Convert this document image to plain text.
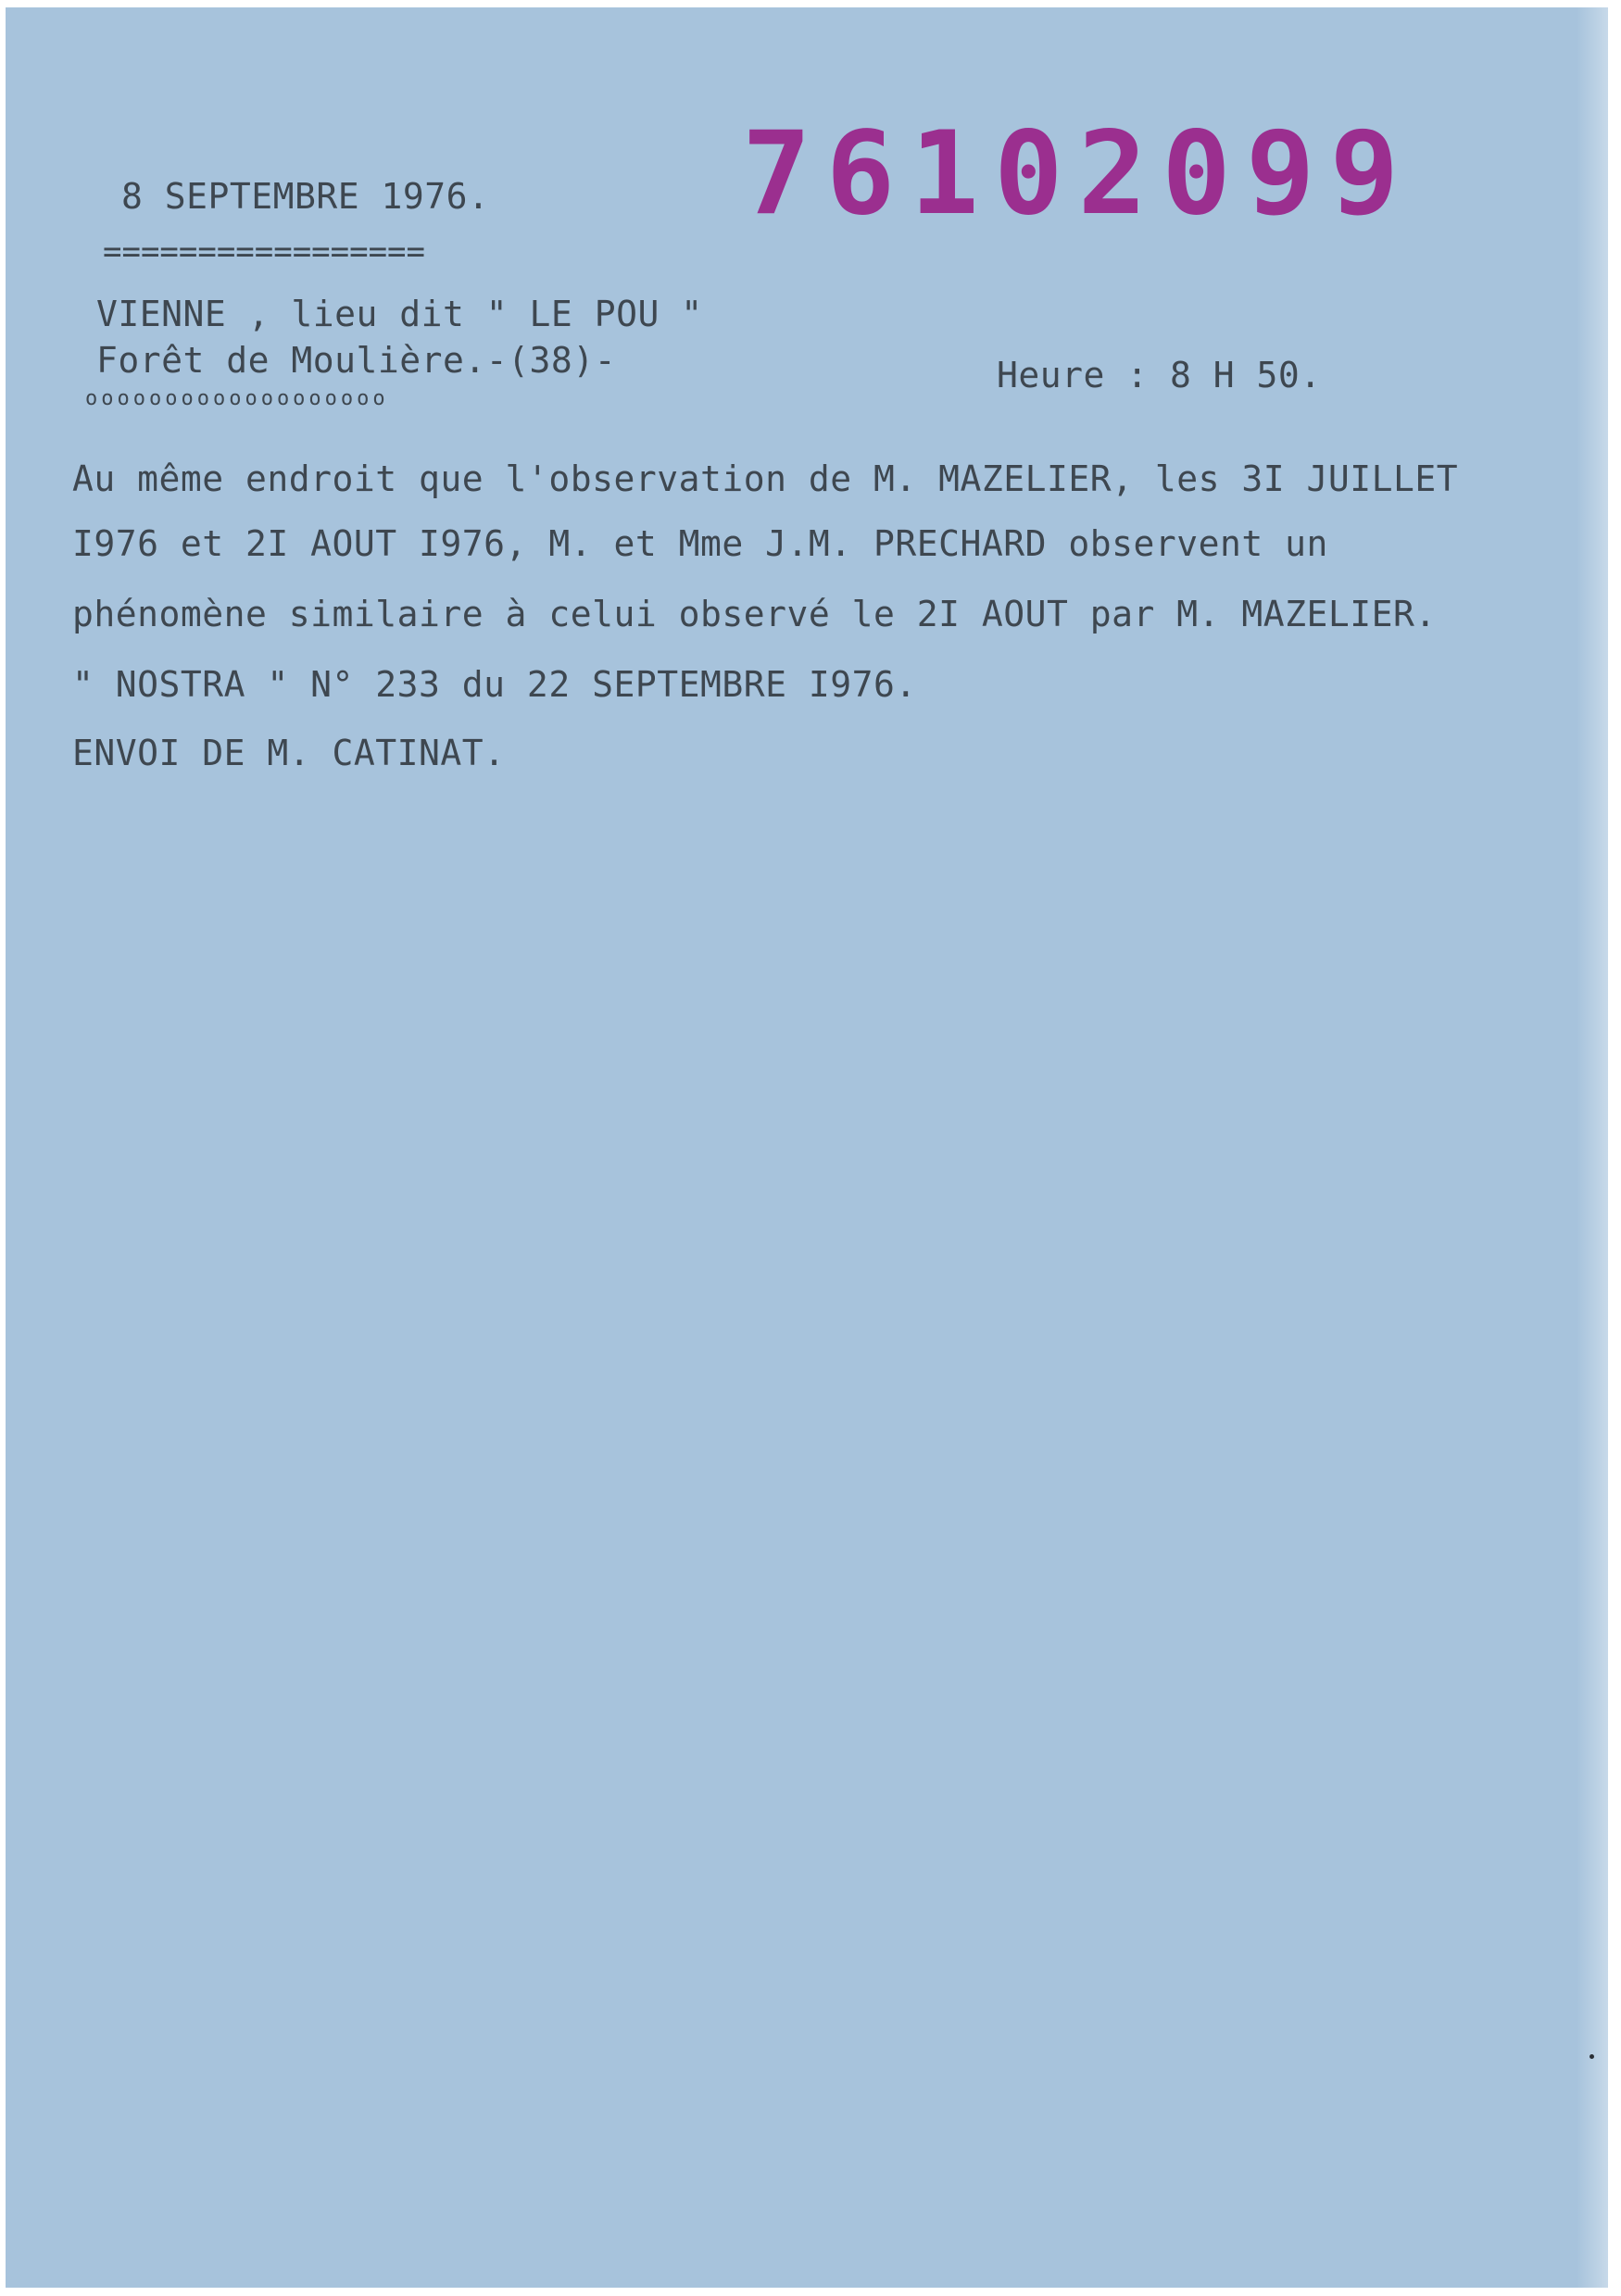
76102099

8 SEPTEMBRE 1976.

=================

VIENNE , lieu dit " LE POU "

Forêt de Moulière.-(38)-

ooooooooooooooooooo

Heure : 8 H 50.

Au même endroit que l'observation de M. MAZELIER, les 3I JUILLET

I976 et 2I AOUT I976, M. et Mme J.M. PRECHARD observent un

phénomène similaire à celui observé le 2I AOUT par M. MAZELIER.

" NOSTRA " N° 233 du 22 SEPTEMBRE I976.

ENVOI DE M. CATINAT.
